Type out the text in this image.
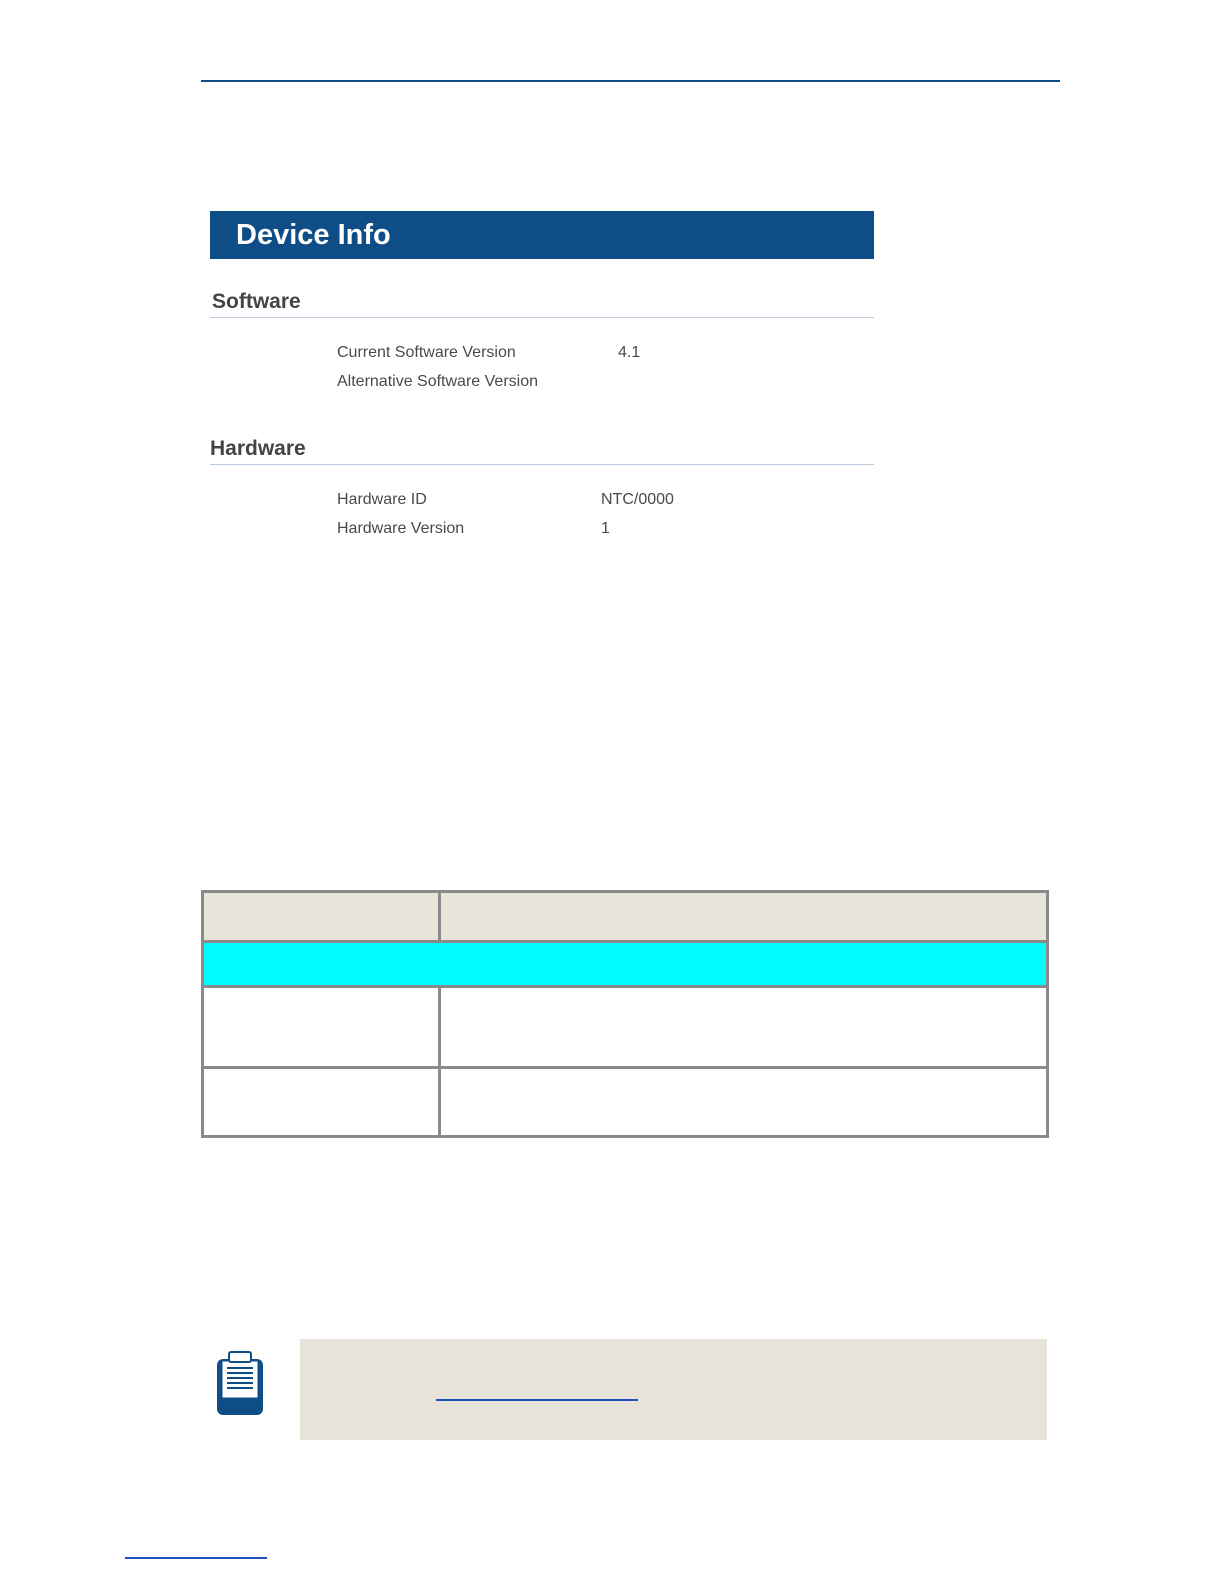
Device Info
Software
Current Software Version	4.1
Alternative Software Version
Hardware
Hardware ID	NTC/0000
Hardware Version	1
